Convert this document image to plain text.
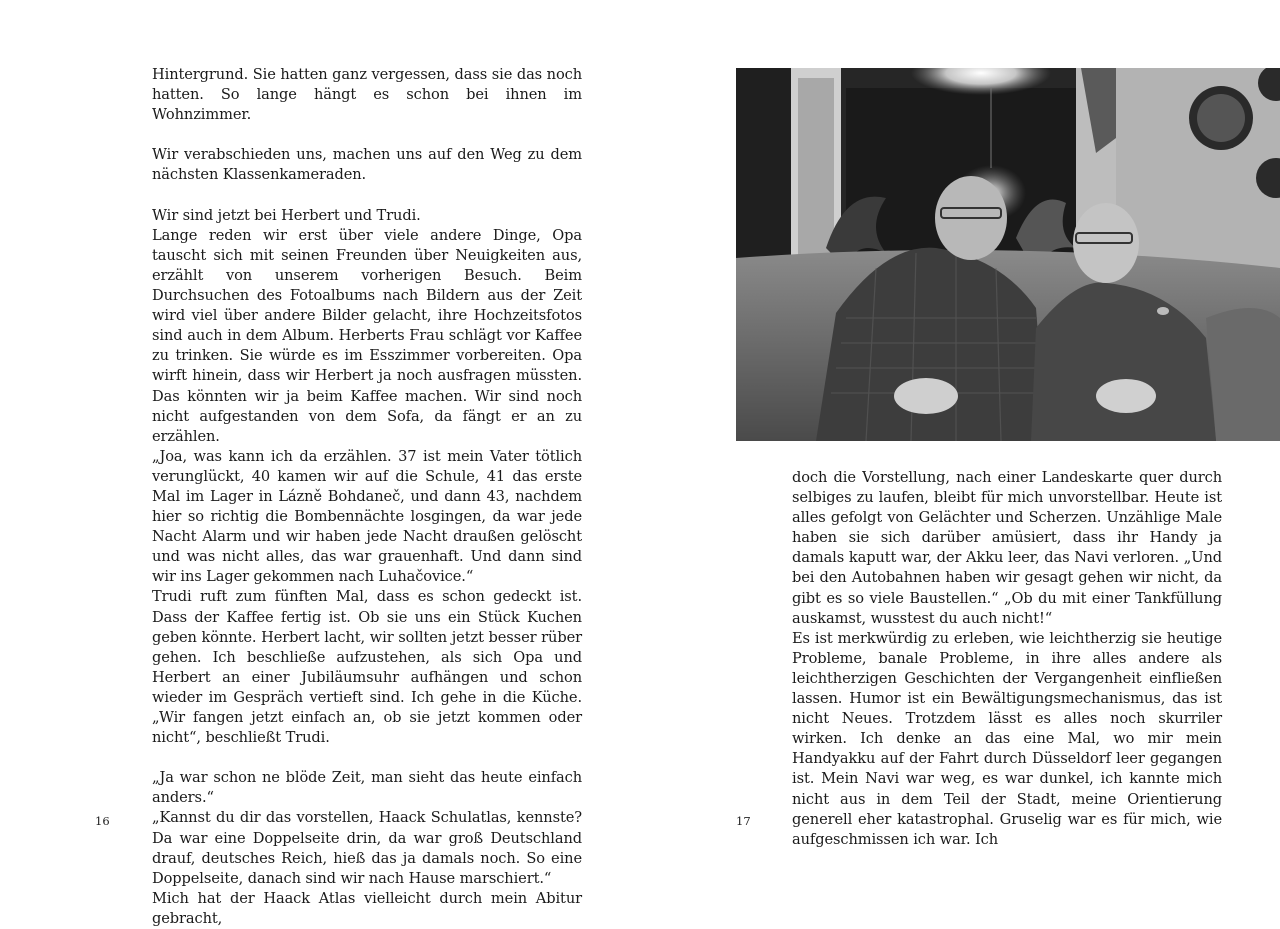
Hintergrund. Sie hatten ganz vergessen, dass sie das noch hatten. So lange hängt es schon bei ihnen im Wohnzimmer.

Wir verabschieden uns, machen uns auf den Weg zu dem nächsten Klassenkameraden.

Wir sind jetzt bei Herbert und Trudi.

Lange reden wir erst über viele andere Dinge, Opa tauscht sich mit seinen Freunden über Neuigkeiten aus, erzählt von unserem vorherigen Besuch. Beim Durchsuchen des Fotoalbums nach Bildern aus der Zeit wird viel über andere Bilder gelacht, ihre Hochzeitsfotos sind auch in dem Album. Herberts Frau schlägt vor Kaffee zu trinken. Sie würde es im Esszimmer vorbereiten. Opa wirft hinein, dass wir Herbert ja noch ausfragen müssten. Das könnten wir ja beim Kaffee machen. Wir sind noch nicht aufgestanden von dem Sofa, da fängt er an zu erzählen.

„Joa, was kann ich da erzählen. 37 ist mein Vater tötlich verunglückt, 40 kamen wir auf die Schule, 41 das erste Mal im Lager in Lázně Bohdaneč, und dann 43, nachdem hier so richtig die Bombennächte losgingen, da war jede Nacht Alarm und wir haben jede Nacht draußen gelöscht und was nicht alles, das war grauenhaft. Und dann sind wir ins Lager gekommen nach Luhačovice.“

Trudi ruft zum fünften Mal, dass es schon gedeckt ist. Dass der Kaffee fertig ist. Ob sie uns ein Stück Kuchen geben könnte. Herbert lacht, wir sollten jetzt besser rüber gehen. Ich beschließe aufzustehen, als sich Opa und Herbert an einer Jubiläumsuhr aufhängen und schon wieder im Gespräch vertieft sind. Ich gehe in die Küche. „Wir fangen jetzt einfach an, ob sie jetzt kommen oder nicht“, beschließt Trudi.

„Ja war schon ne blöde Zeit, man sieht das heute einfach anders.“

„Kannst du dir das vorstellen, Haack Schulatlas, kennste? Da war eine Doppelseite drin, da war groß Deutschland drauf, deutsches Reich, hieß das ja damals noch. So eine Doppelseite, danach sind wir nach Hause marschiert.“

Mich hat der Haack Atlas vielleicht durch mein Abitur gebracht,

16

doch die Vorstellung, nach einer Landeskarte quer durch selbiges zu laufen, bleibt für mich unvorstellbar. Heute ist alles gefolgt von Gelächter und Scherzen. Unzählige Male haben sie sich darüber amüsiert, dass ihr Handy ja damals kaputt war, der Akku leer, das Navi verloren. „Und bei den Autobahnen haben wir gesagt gehen wir nicht, da gibt es so viele Baustellen.“ „Ob du mit einer Tankfüllung auskamst, wusstest du auch nicht!“

Es ist merkwürdig zu erleben, wie leichtherzig sie heutige Probleme, banale Probleme, in ihre alles andere als leichtherzigen Geschichten der Vergangenheit einfließen lassen. Humor ist ein Bewältigungsmechanismus, das ist nicht Neues. Trotzdem lässt es alles noch skurriler wirken. Ich denke an das eine Mal, wo mir mein Handyakku auf der Fahrt durch Düsseldorf leer gegangen ist. Mein Navi war weg, es war dunkel, ich kannte mich nicht aus in dem Teil der Stadt, meine Orientierung generell eher katastrophal. Gruselig war es für mich, wie aufgeschmissen ich war. Ich

17
